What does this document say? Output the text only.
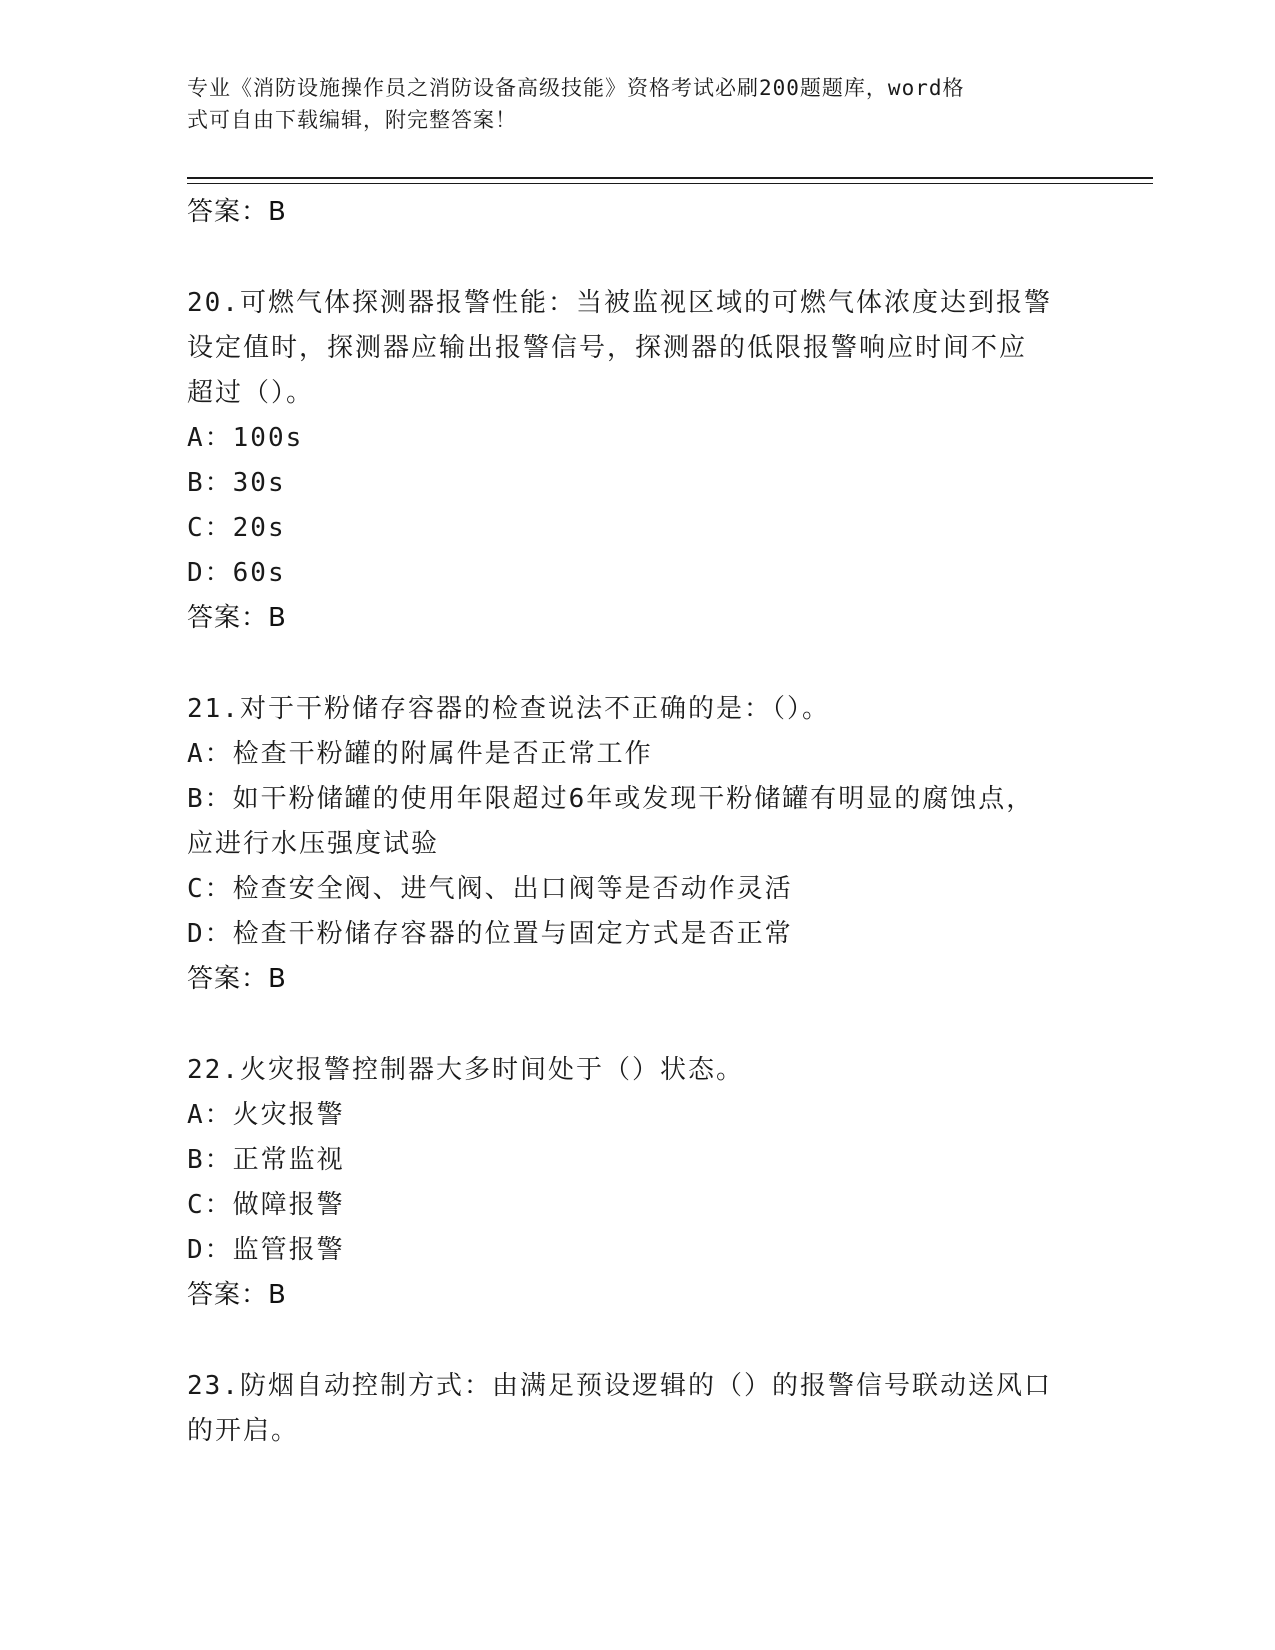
专业《消防设施操作员之消防设备高级技能》资格考试必刷200题题库，word格
式可自由下载编辑，附完整答案！
答案：B
20.可燃气体探测器报警性能：当被监视区域的可燃气体浓度达到报警
设定值时，探测器应输出报警信号，探测器的低限报警响应时间不应
超过（）。
A：100s
B：30s
C：20s
D：60s
答案：B
21.对于干粉储存容器的检查说法不正确的是：（）。
A：检查干粉罐的附属件是否正常工作
B：如干粉储罐的使用年限超过6年或发现干粉储罐有明显的腐蚀点，
应进行水压强度试验
C：检查安全阀、进气阀、出口阀等是否动作灵活
D：检查干粉储存容器的位置与固定方式是否正常
答案：B
22.火灾报警控制器大多时间处于（）状态。
A：火灾报警
B：正常监视
C：做障报警
D：监管报警
答案：B
23.防烟自动控制方式：由满足预设逻辑的（）的报警信号联动送风口
的开启。
